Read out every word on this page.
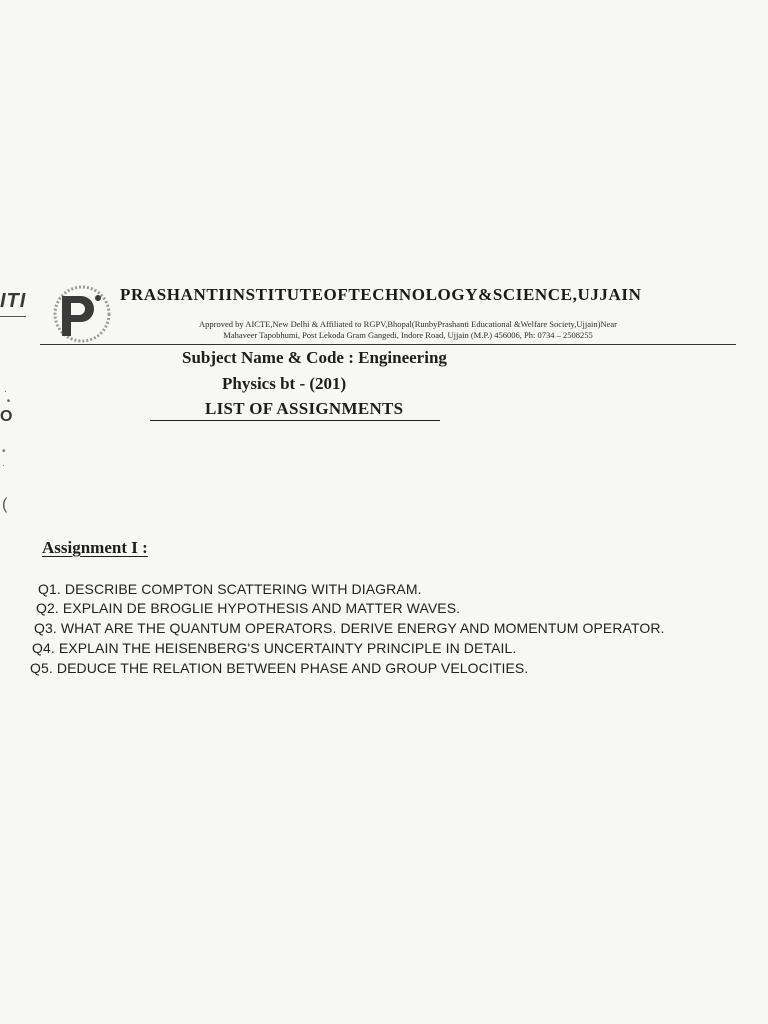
ITI
.
•
O
•
.
(
PRASHANTIINSTITUTEOFTECHNOLOGY&SCIENCE,UJJAIN
Approved by AICTE,New Delhi & Affiliated to RGPV,Bhopal(RunbyPrashanti Educational &Welfare Society,Ujjain)Near
Mahaveer Tapobhumi, Post Lekoda Gram Gangedi, Indore Road, Ujjain (M.P.) 456006, Ph: 0734 – 2508255
Subject Name & Code : Engineering
Physics bt - (201)
LIST OF ASSIGNMENTS
Assignment I :
Q1. DESCRIBE COMPTON SCATTERING WITH DIAGRAM.
Q2. EXPLAIN DE BROGLIE HYPOTHESIS AND MATTER WAVES.
Q3. WHAT ARE THE QUANTUM OPERATORS. DERIVE ENERGY AND MOMENTUM OPERATOR.
Q4. EXPLAIN THE HEISENBERG'S UNCERTAINTY PRINCIPLE IN DETAIL.
Q5. DEDUCE THE RELATION BETWEEN PHASE AND GROUP VELOCITIES.
